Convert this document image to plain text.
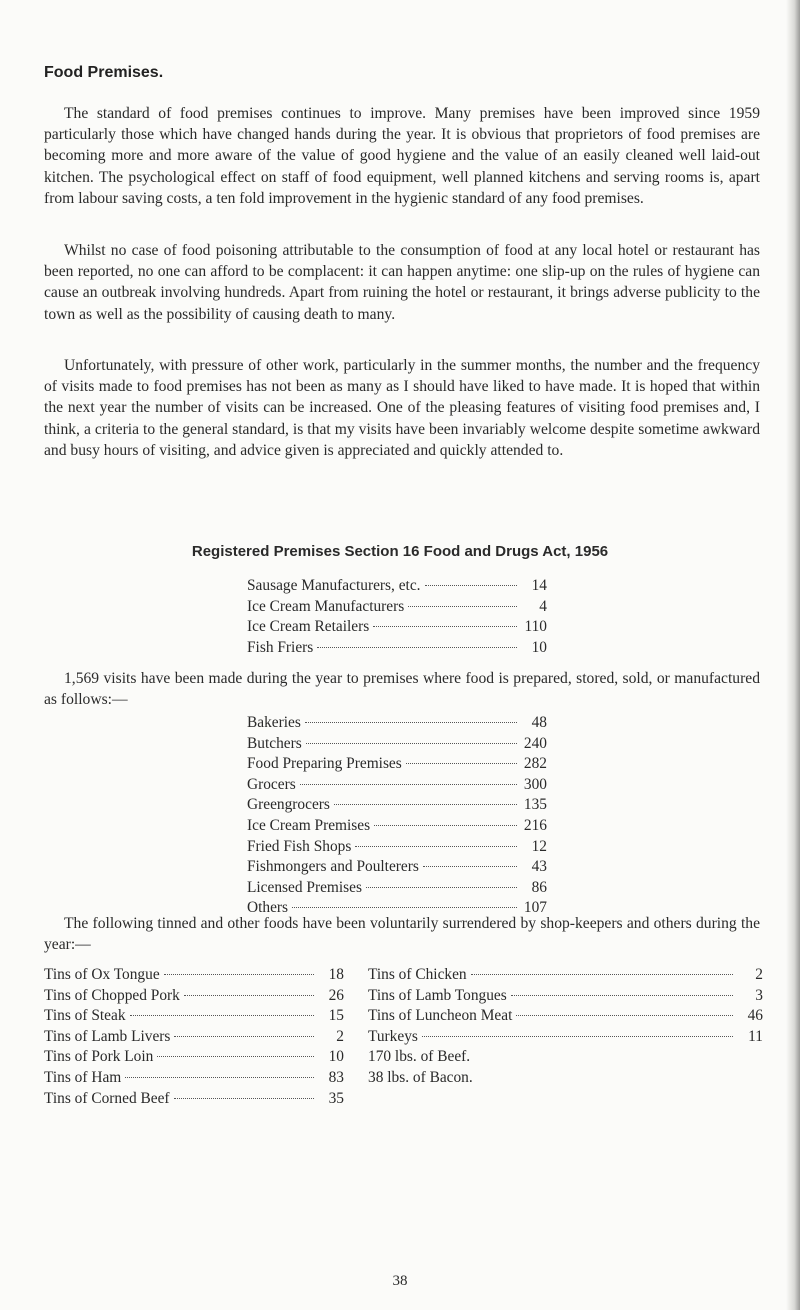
Food Premises.

The standard of food premises continues to improve. Many premises have been improved since 1959 particularly those which have changed hands during the year. It is obvious that proprietors of food premises are becoming more and more aware of the value of good hygiene and the value of an easily cleaned well laid-out kitchen. The psychological effect on staff of food equipment, well planned kitchens and serving rooms is, apart from labour saving costs, a ten fold improvement in the hygienic standard of any food premises.

Whilst no case of food poisoning attributable to the consumption of food at any local hotel or restaurant has been reported, no one can afford to be complacent: it can happen anytime: one slip-up on the rules of hygiene can cause an outbreak involving hundreds. Apart from ruining the hotel or restaurant, it brings adverse publicity to the town as well as the possibility of causing death to many.

Unfortunately, with pressure of other work, particularly in the summer months, the number and the frequency of visits made to food premises has not been as many as I should have liked to have made. It is hoped that within the next year the number of visits can be increased. One of the pleasing features of visiting food premises and, I think, a criteria to the general standard, is that my visits have been invariably welcome despite sometime awkward and busy hours of visiting, and advice given is appreciated and quickly attended to.

Registered Premises Section 16 Food and Drugs Act, 1956
Sausage Manufacturers, etc.	14
Ice Cream Manufacturers	4
Ice Cream Retailers	110
Fish Friers	10

1,569 visits have been made during the year to premises where food is prepared, stored, sold, or manufactured as follows:—

Bakeries	48
Butchers	240
Food Preparing Premises	282
Grocers	300
Greengrocers	135
Ice Cream Premises	216
Fried Fish Shops	12
Fishmongers and Poulterers	43
Licensed Premises	86
Others	107

The following tinned and other foods have been voluntarily surrendered by shop-keepers and others during the year:—

Tins of Ox Tongue	18
Tins of Chopped Pork	26
Tins of Steak	15
Tins of Lamb Livers	2
Tins of Pork Loin	10
Tins of Ham	83
Tins of Corned Beef	35
Tins of Chicken	2
Tins of Lamb Tongues	3
Tins of Luncheon Meat	46
Turkeys	11
170 lbs. of Beef.
38 lbs. of Bacon.
38
